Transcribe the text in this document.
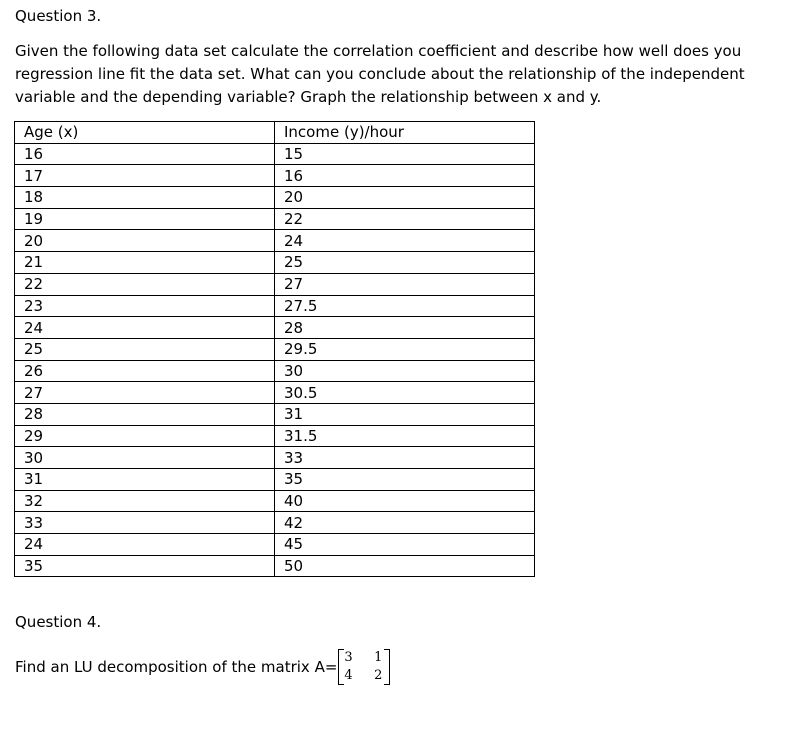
Question 3.
Given the following data set calculate the correlation coefficient and describe how well does you regression line fit the data set. What can you conclude about the relationship of the independent variable and the depending variable? Graph the relationship between x and y.
Age (x)	Income (y)/hour
16	15
17	16
18	20
19	22
20	24
21	25
22	27
23	27.5
24	28
25	29.5
26	30
27	30.5
28	31
29	31.5
30	33
31	35
32	40
33	42
24	45
35	50
Question 4.
Find an LU decomposition of the matrix A=
3	1
4	2
